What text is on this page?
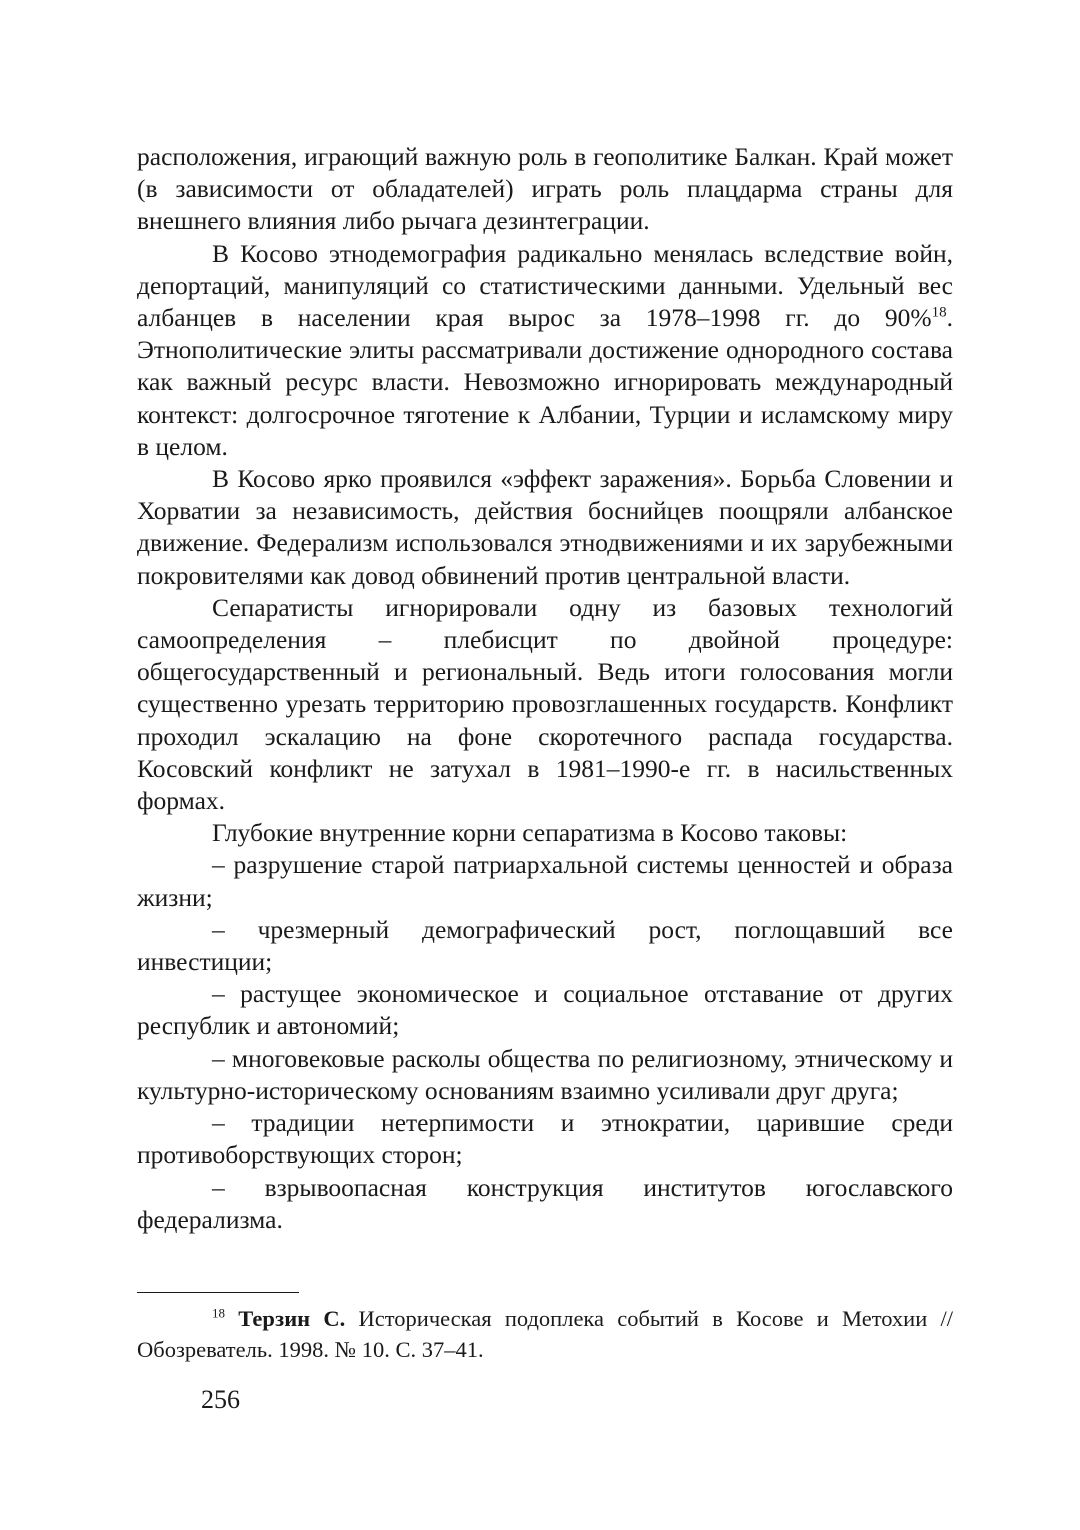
расположения, играющий важную роль в геополитике Балкан. Край может (в зависимости от обладателей) играть роль плацдарма страны для внешнего влияния либо рычага дезинтеграции.

В Косово этнодемография радикально менялась вследствие войн, депортаций, манипуляций со статистическими данными. Удельный вес албанцев в населении края вырос за 1978–1998 гг. до 90%$^{18}$. Этнополитические элиты рассматривали достижение однородного состава как важный ресурс власти. Невозможно игнорировать международный контекст: долгосрочное тяготение к Албании, Турции и исламскому миру в целом.

В Косово ярко проявился «эффект заражения». Борьба Словении и Хорватии за независимость, действия боснийцев поощряли албанское движение. Федерализм использовался этнодвижениями и их зарубежными покровителями как довод обвинений против центральной власти.

Сепаратисты игнорировали одну из базовых технологий самоопределения – плебисцит по двойной процедуре: общегосударственный и региональный. Ведь итоги голосования могли существенно урезать территорию провозглашенных государств. Конфликт проходил эскалацию на фоне скоротечного распада государства. Косовский конфликт не затухал в 1981–1990-е гг. в насильственных формах.

Глубокие внутренние корни сепаратизма в Косово таковы:

– разрушение старой патриархальной системы ценностей и образа жизни;

– чрезмерный демографический рост, поглощавший все инвестиции;

– растущее экономическое и социальное отставание от других республик и автономий;

– многовековые расколы общества по религиозному, этническому и культурно-историческому основаниям взаимно усиливали друг друга;

– традиции нетерпимости и этнократии, царившие среди противоборствующих сторон;

– взрывоопасная конструкция институтов югославского федерализма.

$^{18}$ Терзин С. Историческая подоплека событий в Косове и Метохии // Обозреватель. 1998. № 10. С. 37–41.
256
